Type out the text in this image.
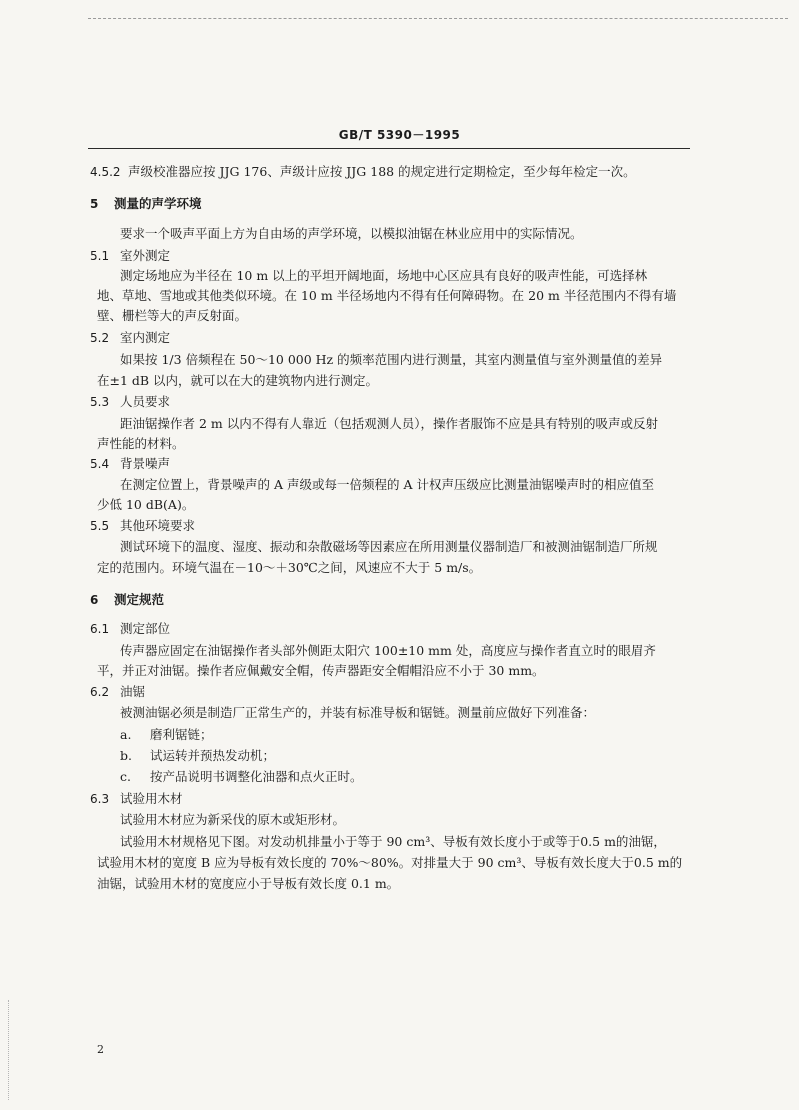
GB/T 5390－1995
4.5.2 声级校准器应按 JJG 176、声级计应按 JJG 188 的规定进行定期检定，至少每年检定一次。
5 测量的声学环境
要求一个吸声平面上方为自由场的声学环境，以模拟油锯在林业应用中的实际情况。
5.1 室外测定
测定场地应为半径在 10 m 以上的平坦开阔地面，场地中心区应具有良好的吸声性能，可选择林
地、草地、雪地或其他类似环境。在 10 m 半径场地内不得有任何障碍物。在 20 m 半径范围内不得有墙
壁、栅栏等大的声反射面。
5.2 室内测定
如果按 1/3 倍频程在 50～10 000 Hz 的频率范围内进行测量，其室内测量值与室外测量值的差异
在±1 dB 以内，就可以在大的建筑物内进行测定。
5.3 人员要求
距油锯操作者 2 m 以内不得有人靠近（包括观测人员），操作者服饰不应是具有特别的吸声或反射
声性能的材料。
5.4 背景噪声
在测定位置上，背景噪声的 A 声级或每一倍频程的 A 计权声压级应比测量油锯噪声时的相应值至
少低 10 dB(A)。
5.5 其他环境要求
测试环境下的温度、湿度、振动和杂散磁场等因素应在所用测量仪器制造厂和被测油锯制造厂所规
定的范围内。环境气温在－10～＋30℃之间，风速应不大于 5 m/s。
6 测定规范
6.1 测定部位
传声器应固定在油锯操作者头部外侧距太阳穴 100±10 mm 处，高度应与操作者直立时的眼眉齐
平，并正对油锯。操作者应佩戴安全帽，传声器距安全帽帽沿应不小于 30 mm。
6.2 油锯
被测油锯必须是制造厂正常生产的，并装有标准导板和锯链。测量前应做好下列准备：
a. 磨利锯链；
b. 试运转并预热发动机；
c. 按产品说明书调整化油器和点火正时。
6.3 试验用木材
试验用木材应为新采伐的原木或矩形材。
试验用木材规格见下图。对发动机排量小于等于 90 cm³、导板有效长度小于或等于0.5 m的油锯，
试验用木材的宽度 B 应为导板有效长度的 70%～80%。对排量大于 90 cm³、导板有效长度大于0.5 m的
油锯，试验用木材的宽度应小于导板有效长度 0.1 m。
2
